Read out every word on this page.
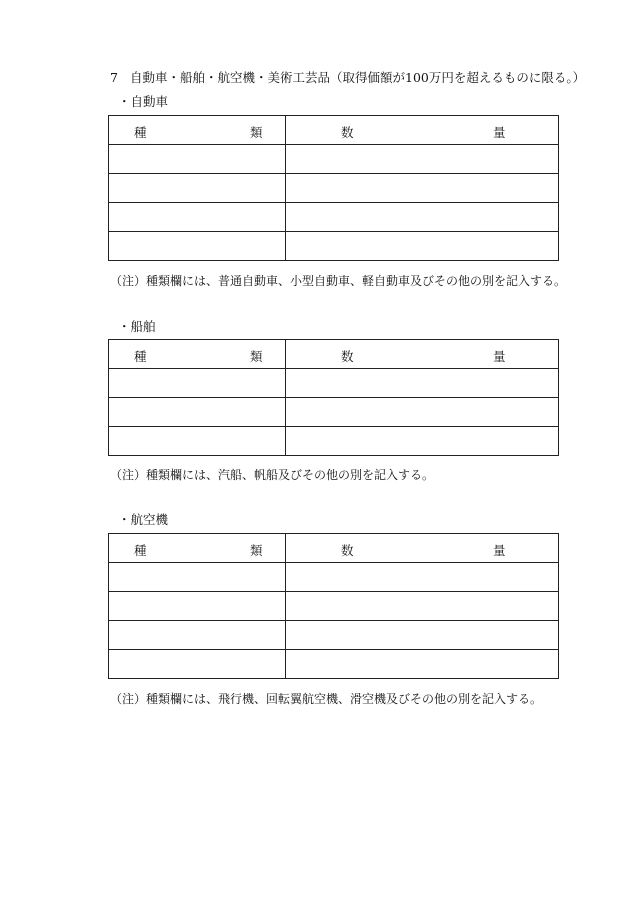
7 自動車・船舶・航空機・美術工芸品（取得価額が100万円を超えるものに限る。）
・自動車
種 類	数 量

（注）種類欄には、普通自動車、小型自動車、軽自動車及びその他の別を記入する。
・船舶
種 類	数 量

（注）種類欄には、汽船、帆船及びその他の別を記入する。
・航空機
種 類	数 量

（注）種類欄には、飛行機、回転翼航空機、滑空機及びその他の別を記入する。
